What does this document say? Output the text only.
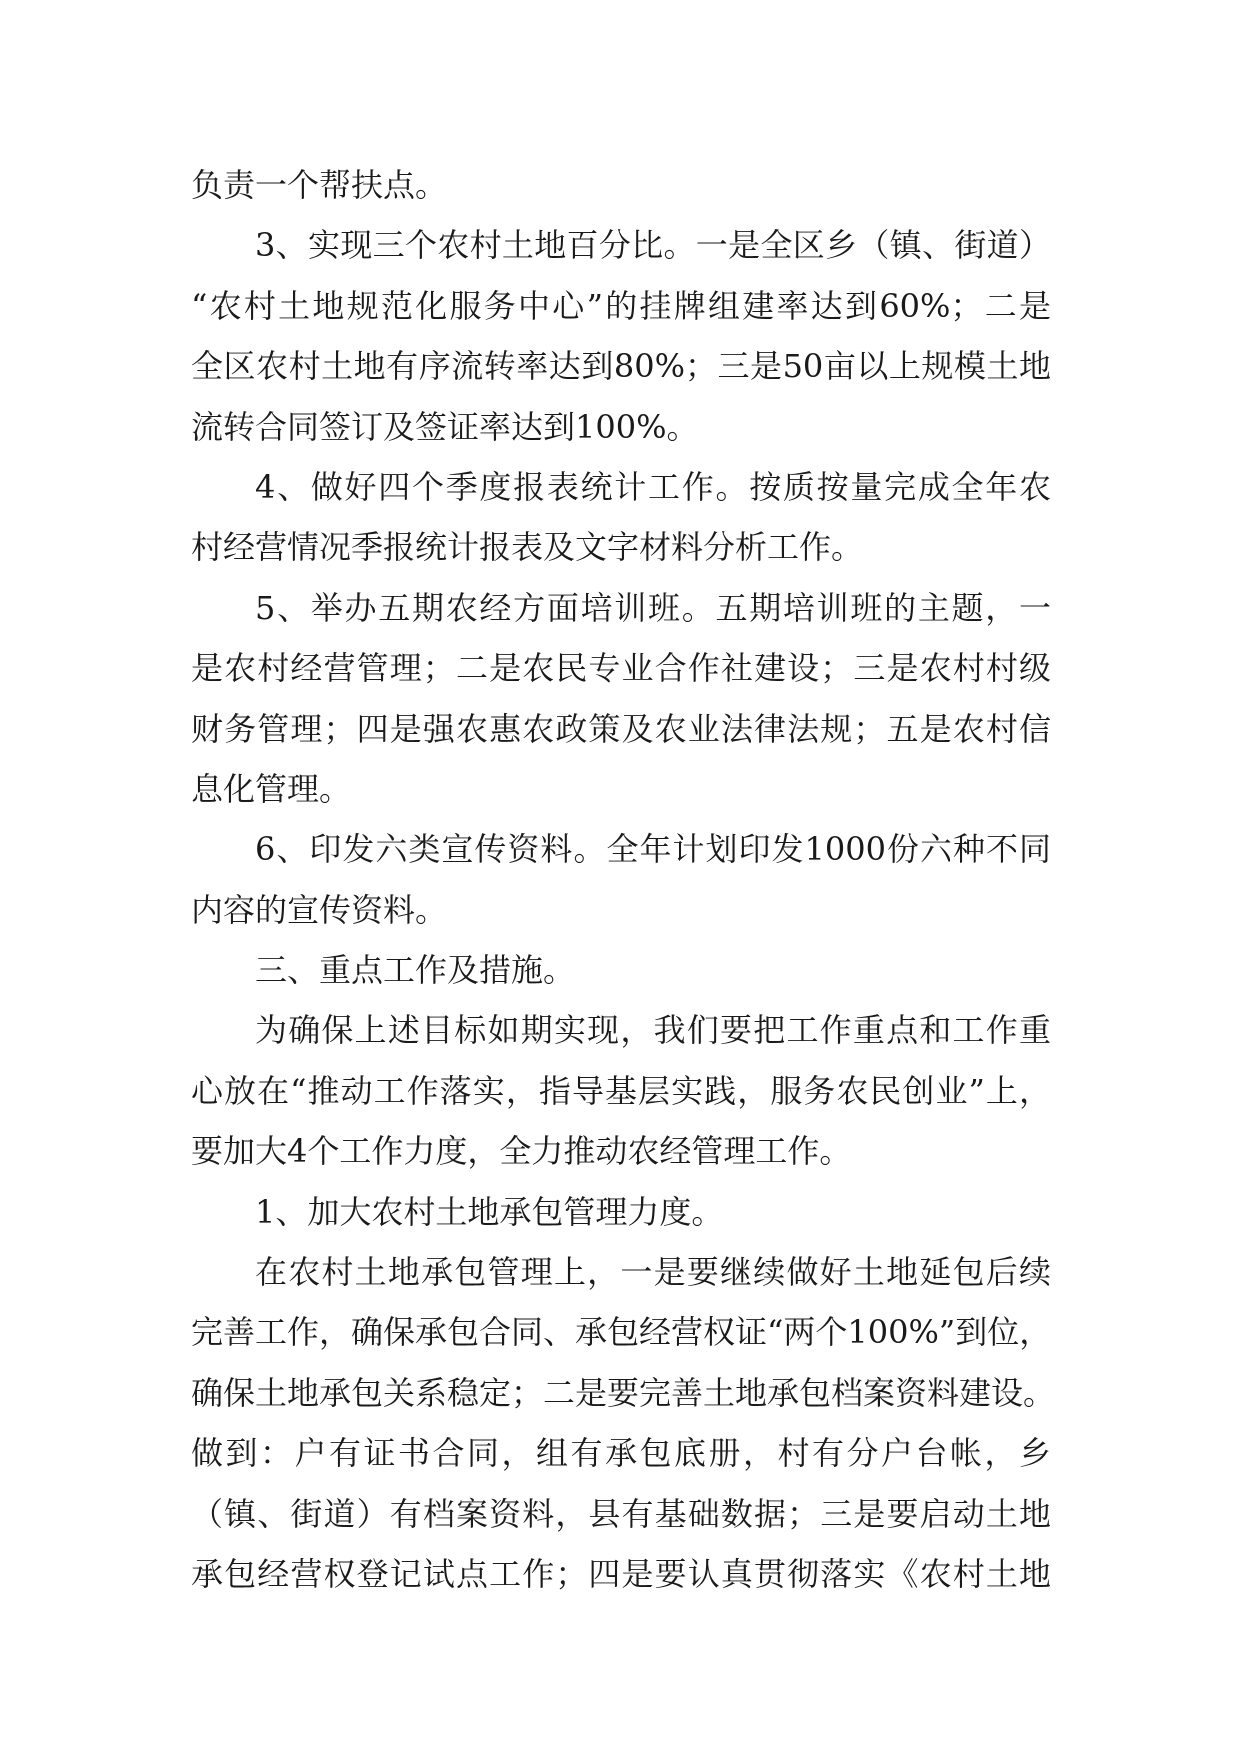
负责一个帮扶点。
3、实现三个农村土地百分比。一是全区乡（镇、街道）
“农村土地规范化服务中心”的挂牌组建率达到60%；二是
全区农村土地有序流转率达到80%；三是50亩以上规模土地
流转合同签订及签证率达到100%。
4、做好四个季度报表统计工作。按质按量完成全年农
村经营情况季报统计报表及文字材料分析工作。
5、举办五期农经方面培训班。五期培训班的主题，一
是农村经营管理；二是农民专业合作社建设；三是农村村级
财务管理；四是强农惠农政策及农业法律法规；五是农村信
息化管理。
6、印发六类宣传资料。全年计划印发1000份六种不同
内容的宣传资料。
三、重点工作及措施。
为确保上述目标如期实现，我们要把工作重点和工作重
心放在“推动工作落实，指导基层实践，服务农民创业”上，
要加大4个工作力度，全力推动农经管理工作。
1、加大农村土地承包管理力度。
在农村土地承包管理上，一是要继续做好土地延包后续
完善工作，确保承包合同、承包经营权证“两个100%”到位，
确保土地承包关系稳定；二是要完善土地承包档案资料建设。
做到：户有证书合同，组有承包底册，村有分户台帐，乡
（镇、街道）有档案资料，县有基础数据；三是要启动土地
承包经营权登记试点工作；四是要认真贯彻落实《农村土地
